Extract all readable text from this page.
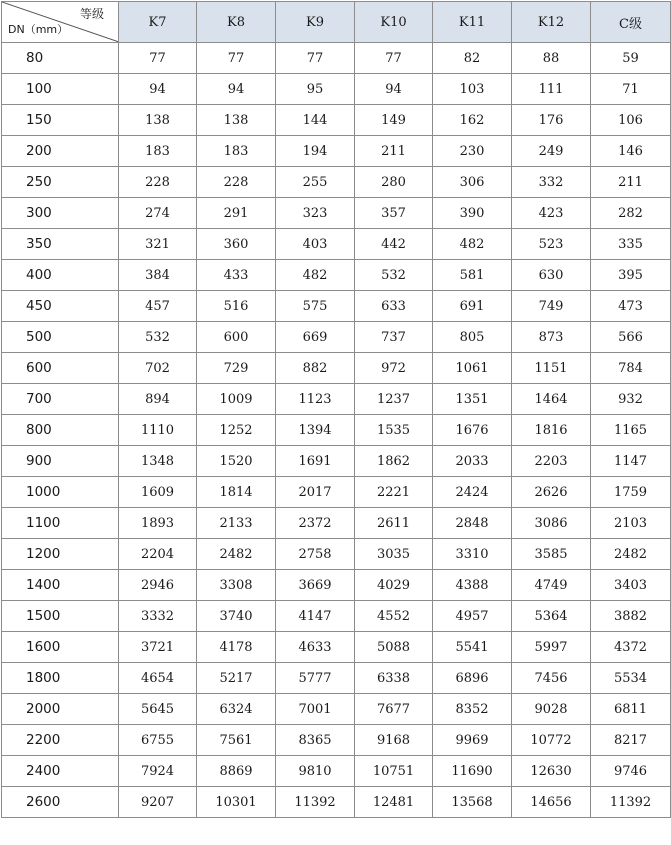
等级
DN（mm）	K7	K8	K9	K10	K11	K12	C级
80	77	77	77	77	82	88	59
100	94	94	95	94	103	111	71
150	138	138	144	149	162	176	106
200	183	183	194	211	230	249	146
250	228	228	255	280	306	332	211
300	274	291	323	357	390	423	282
350	321	360	403	442	482	523	335
400	384	433	482	532	581	630	395
450	457	516	575	633	691	749	473
500	532	600	669	737	805	873	566
600	702	729	882	972	1061	1151	784
700	894	1009	1123	1237	1351	1464	932
800	1110	1252	1394	1535	1676	1816	1165
900	1348	1520	1691	1862	2033	2203	1147
1000	1609	1814	2017	2221	2424	2626	1759
1100	1893	2133	2372	2611	2848	3086	2103
1200	2204	2482	2758	3035	3310	3585	2482
1400	2946	3308	3669	4029	4388	4749	3403
1500	3332	3740	4147	4552	4957	5364	3882
1600	3721	4178	4633	5088	5541	5997	4372
1800	4654	5217	5777	6338	6896	7456	5534
2000	5645	6324	7001	7677	8352	9028	6811
2200	6755	7561	8365	9168	9969	10772	8217
2400	7924	8869	9810	10751	11690	12630	9746
2600	9207	10301	11392	12481	13568	14656	11392
